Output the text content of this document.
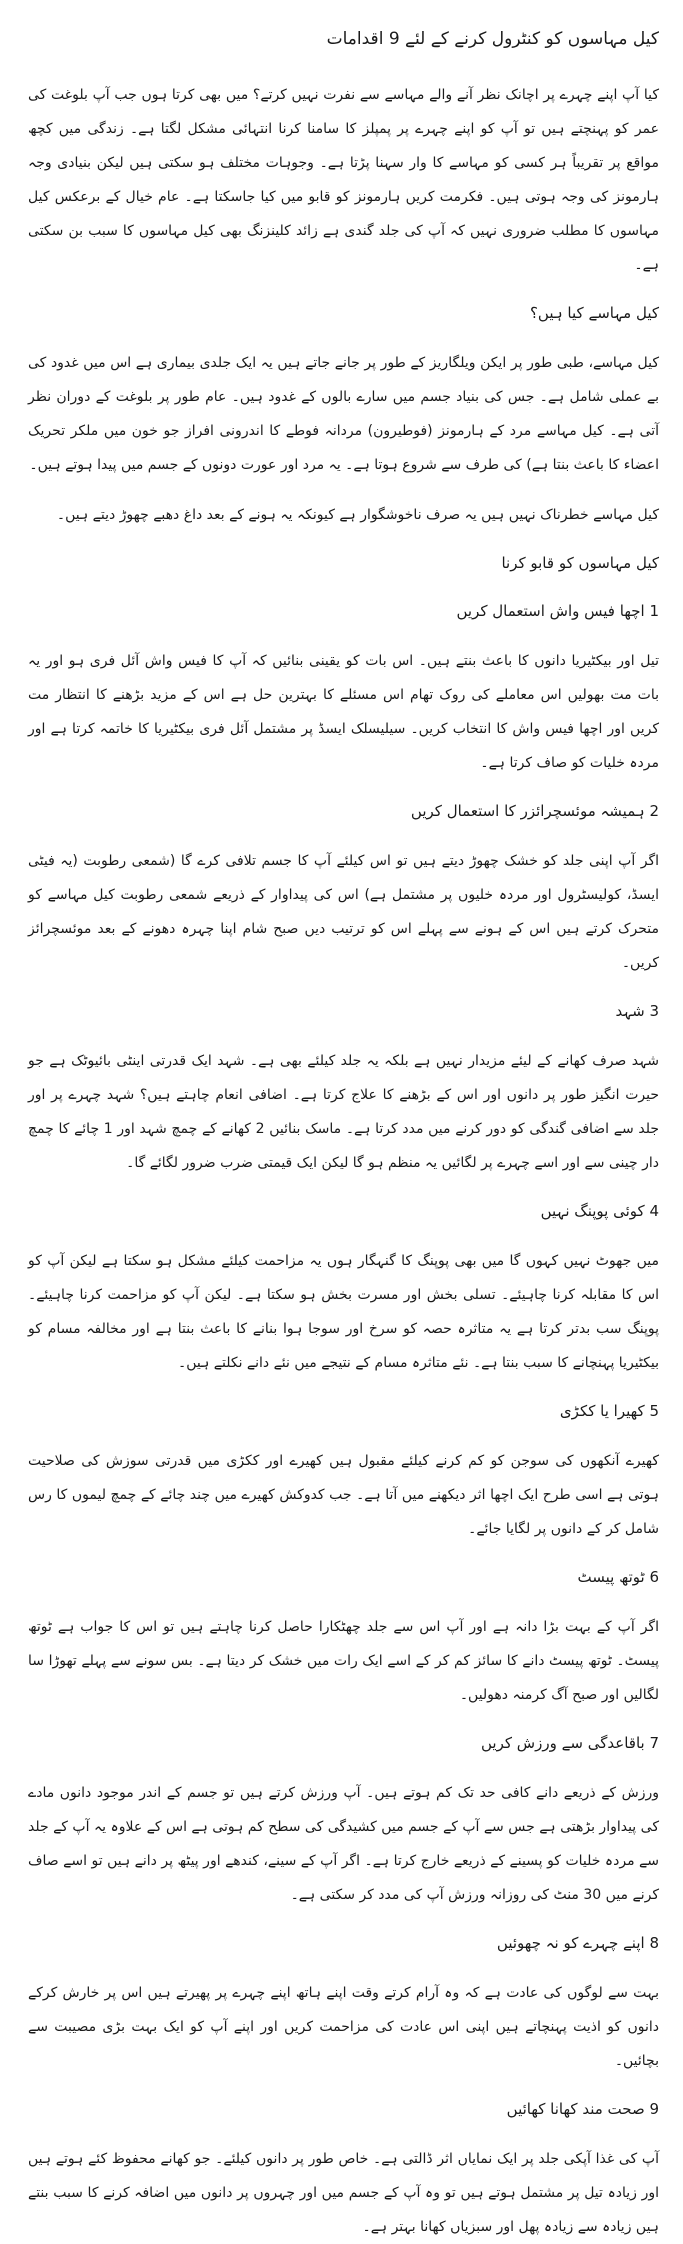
کیل مہاسوں کو کنٹرول کرنے کے لئے 9 اقدامات

کیا آپ اپنے چہرے پر اچانک نظر آنے والے مہاسے سے نفرت نہیں کرتے؟ میں بھی کرتا ہوں جب آپ بلوغت کی عمر کو پہنچتے ہیں تو آپ کو اپنے چہرے پر پمپلز کا سامنا کرنا انتہائی مشکل لگتا ہے۔ زندگی میں کچھ مواقع پر تقریباً ہر کسی کو مہاسے کا وار سہنا پڑتا ہے۔ وجوہات مختلف ہو سکتی ہیں لیکن بنیادی وجہ ہارمونز کی وجہ ہوتی ہیں۔ فکرمت کریں ہارمونز کو قابو میں کیا جاسکتا ہے۔ عام خیال کے برعکس کیل مہاسوں کا مطلب ضروری نہیں کہ آپ کی جلد گندی ہے زائد کلینزنگ بھی کیل مہاسوں کا سبب بن سکتی ہے۔

کیل مہاسے کیا ہیں؟

کیل مہاسے، طبی طور پر ایکن ویلگاریز کے طور پر جانے جاتے ہیں یہ ایک جلدی بیماری ہے اس میں غدود کی بے عملی شامل ہے۔ جس کی بنیاد جسم میں سارے بالوں کے غدود ہیں۔ عام طور پر بلوغت کے دوران نظر آتی ہے۔ کیل مہاسے مرد کے ہارمونز (فوطیرون) مردانہ فوطے کا اندرونی افراز جو خون میں ملکر تحریک اعضاء کا باعث بنتا ہے) کی طرف سے شروع ہوتا ہے۔ یہ مرد اور عورت دونوں کے جسم میں پیدا ہوتے ہیں۔

کیل مہاسے خطرناک نہیں ہیں یہ صرف ناخوشگوار ہے کیونکہ یہ ہونے کے بعد داغ دھبے چھوڑ دیتے ہیں۔

کیل مہاسوں کو قابو کرنا
1 اچھا فیس واش استعمال کریں

تیل اور بیکٹیریا دانوں کا باعث بنتے ہیں۔ اس بات کو یقینی بنائیں کہ آپ کا فیس واش آئل فری ہو اور یہ بات مت بھولیں اس معاملے کی روک تھام اس مسئلے کا بہترین حل ہے اس کے مزید بڑھنے کا انتظار مت کریں اور اچھا فیس واش کا انتخاب کریں۔ سیلیسلک ایسڈ پر مشتمل آئل فری بیکٹیریا کا خاتمہ کرتا ہے اور مردہ خلیات کو صاف کرتا ہے۔

2 ہمیشہ موئسچرائزر کا استعمال کریں

اگر آپ اپنی جلد کو خشک چھوڑ دیتے ہیں تو اس کیلئے آپ کا جسم تلافی کرے گا (شمعی رطوبت (یہ فیٹی ایسڈ، کولیسٹرول اور مردہ خلیوں پر مشتمل ہے) اس کی پیداوار کے ذریعے شمعی رطوبت کیل مہاسے کو متحرک کرتے ہیں اس کے ہونے سے پہلے اس کو ترتیب دیں صبح شام اپنا چہرہ دھونے کے بعد موئسچرائز کریں۔

3 شہد

شہد صرف کھانے کے لیئے مزیدار نہیں ہے بلکہ یہ جلد کیلئے بھی ہے۔ شہد ایک قدرتی اینٹی بائیوٹک ہے جو حیرت انگیز طور پر دانوں اور اس کے بڑھنے کا علاج کرتا ہے۔ اضافی انعام چاہتے ہیں؟ شہد چہرے پر اور جلد سے اضافی گندگی کو دور کرنے میں مدد کرتا ہے۔ ماسک بنائیں 2 کھانے کے چمچ شہد اور 1 چائے کا چمچ دار چینی سے اور اسے چہرے پر لگائیں یہ منظم ہو گا لیکن ایک قیمتی ضرب ضرور لگائے گا۔

4 کوئی پوپنگ نہیں

میں جھوٹ نہیں کہوں گا میں بھی پوپنگ کا گنہگار ہوں یہ مزاحمت کیلئے مشکل ہو سکتا ہے لیکن آپ کو اس کا مقابلہ کرنا چاہیئے۔ تسلی بخش اور مسرت بخش ہو سکتا ہے۔ لیکن آپ کو مزاحمت کرنا چاہیئے۔ پوپنگ سب بدتر کرتا ہے یہ متاثرہ حصہ کو سرخ اور سوجا ہوا بنانے کا باعث بنتا ہے اور مخالفہ مسام کو بیکٹیریا پہنچانے کا سبب بنتا ہے۔ نئے متاثرہ مسام کے نتیجے میں نئے دانے نکلتے ہیں۔

5 کھیرا یا ککڑی

کھیرے آنکھوں کی سوجن کو کم کرنے کیلئے مقبول ہیں کھیرے اور ککڑی میں قدرتی سوزش کی صلاحیت ہوتی ہے اسی طرح ایک اچھا اثر دیکھنے میں آتا ہے۔ جب کدوکش کھیرے میں چند چائے کے چمچ لیموں کا رس شامل کر کے دانوں پر لگایا جائے۔

6 ٹوتھ پیسٹ

اگر آپ کے بہت بڑا دانہ ہے اور آپ اس سے جلد چھٹکارا حاصل کرنا چاہتے ہیں تو اس کا جواب ہے ٹوتھ پیسٹ۔ ٹوتھ پیسٹ دانے کا سائز کم کر کے اسے ایک رات میں خشک کر دیتا ہے۔ بس سونے سے پہلے تھوڑا سا لگالیں اور صبح آگ کرمنہ دھولیں۔

7 باقاعدگی سے ورزش کریں

ورزش کے ذریعے دانے کافی حد تک کم ہوتے ہیں۔ آپ ورزش کرتے ہیں تو جسم کے اندر موجود دانوں مادے کی پیداوار بڑھتی ہے جس سے آپ کے جسم میں کشیدگی کی سطح کم ہوتی ہے اس کے علاوہ یہ آپ کے جلد سے مردہ خلیات کو پسینے کے ذریعے خارج کرتا ہے۔ اگر آپ کے سینے، کندھے اور پیٹھ پر دانے ہیں تو اسے صاف کرنے میں 30 منٹ کی روزانہ ورزش آپ کی مدد کر سکتی ہے۔

8 اپنے چہرے کو نہ چھوئیں

بہت سے لوگوں کی عادت ہے کہ وہ آرام کرتے وقت اپنے ہاتھ اپنے چہرے پر پھیرتے ہیں اس پر خارش کرکے دانوں کو اذیت پہنچاتے ہیں اپنی اس عادت کی مزاحمت کریں اور اپنے آپ کو ایک بہت بڑی مصیبت سے بچائیں۔

9 صحت مند کھانا کھائیں

آپ کی غذا آپکی جلد پر ایک نمایاں اثر ڈالتی ہے۔ خاص طور پر دانوں کیلئے۔ جو کھانے محفوظ کئے ہوتے ہیں اور زیادہ تیل پر مشتمل ہوتے ہیں تو وہ آپ کے جسم میں اور چہروں پر دانوں میں اضافہ کرنے کا سبب بنتے ہیں زیادہ سے زیادہ پھل اور سبزیاں کھانا بہتر ہے۔
